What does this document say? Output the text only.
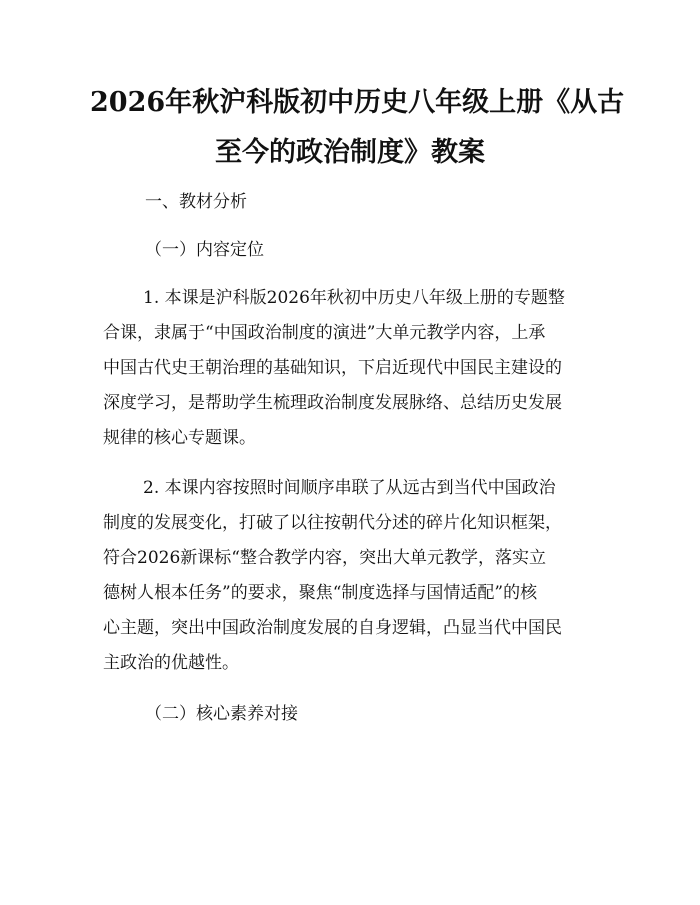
2026年秋沪科版初中历史八年级上册《从古
至今的政治制度》教案

一、教材分析

（一）内容定位

1. 本课是沪科版2026年秋初中历史八年级上册的专题整
合课，隶属于“中国政治制度的演进”大单元教学内容，上承
中国古代史王朝治理的基础知识，下启近现代中国民主建设的
深度学习，是帮助学生梳理政治制度发展脉络、总结历史发展
规律的核心专题课。
2. 本课内容按照时间顺序串联了从远古到当代中国政治
制度的发展变化，打破了以往按朝代分述的碎片化知识框架，
符合2026新课标“整合教学内容，突出大单元教学，落实立
德树人根本任务”的要求，聚焦“制度选择与国情适配”的核
心主题，突出中国政治制度发展的自身逻辑，凸显当代中国民
主政治的优越性。

（二）核心素养对接
